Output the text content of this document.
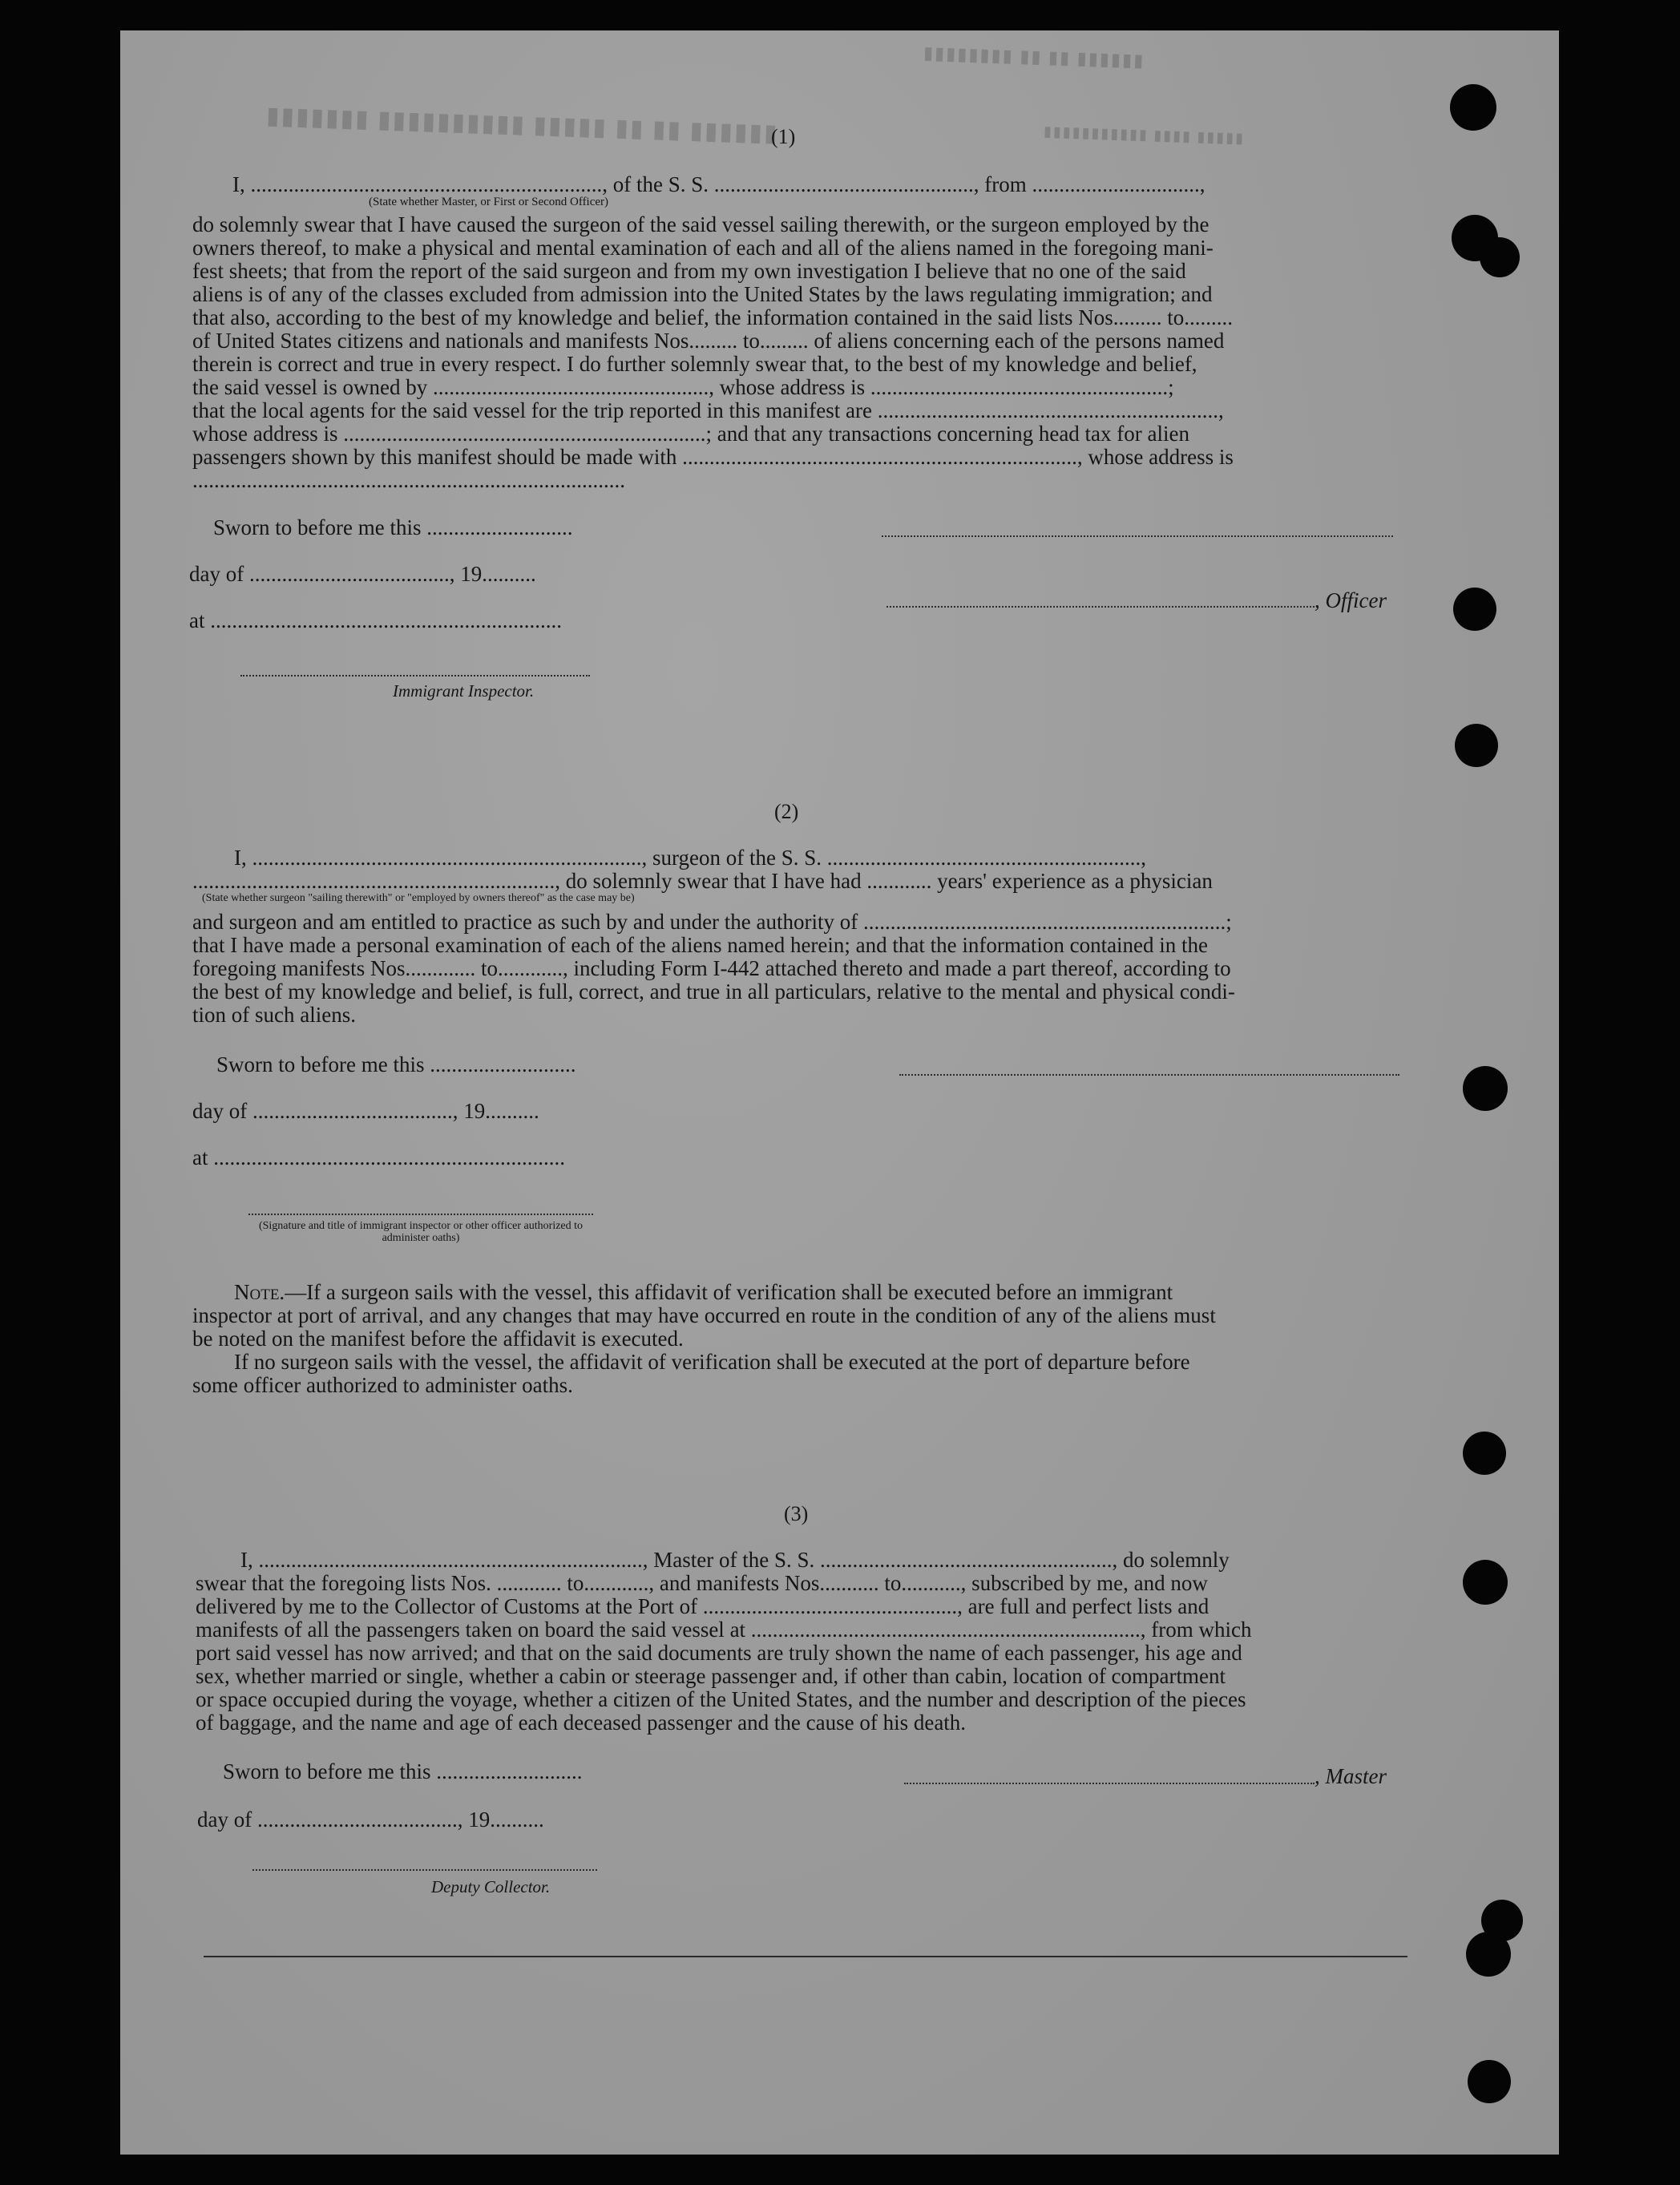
▮▮▮▮▮▮ ▮▮ ▮▮ ▮▮▮▮▮ ▮▮▮▮▮▮▮▮▮▮ ▮▮▮▮▮▮▮
▮▮▮▮▮▮ ▮▮ ▮▮ ▮▮▮▮▮▮▮▮
▮▮▮▮▮ ▮▮▮▮ ▮▮▮▮▮▮▮▮▮▮▮
(1)
I, ................................................................., of the S. S. ................................................, from ...............................,
(State whether Master, or First or Second Officer)
do solemnly swear that I have caused the surgeon of the said vessel sailing therewith, or the surgeon employed by the
owners thereof, to make a physical and mental examination of each and all of the aliens named in the foregoing mani-
fest sheets; that from the report of the said surgeon and from my own investigation I believe that no one of the said
aliens is of any of the classes excluded from admission into the United States by the laws regulating immigration; and
that also, according to the best of my knowledge and belief, the information contained in the said lists Nos......... to.........
of United States citizens and nationals and manifests Nos......... to......... of aliens concerning each of the persons named
therein is correct and true in every respect. I do further solemnly swear that, to the best of my knowledge and belief,
the said vessel is owned by ..................................................., whose address is .......................................................;
that the local agents for the said vessel for the trip reported in this manifest are ...............................................................,
whose address is ...................................................................; and that any transactions concerning head tax for alien
passengers shown by this manifest should be made with ........................................................................., whose address is
................................................................................
Sworn to before me this ...........................
day of ....................................., 19..........
, Officer
at .................................................................
Immigrant Inspector.
(2)
I, ........................................................................, surgeon of the S. S. ..........................................................,
..................................................................., do solemnly swear that I have had ............ years' experience as a physician
(State whether surgeon "sailing therewith" or "employed by owners thereof" as the case may be)
and surgeon and am entitled to practice as such by and under the authority of ...................................................................;
that I have made a personal examination of each of the aliens named herein; and that the information contained in the
foregoing manifests Nos............. to............, including Form I-442 attached thereto and made a part thereof, according to
the best of my knowledge and belief, is full, correct, and true in all particulars, relative to the mental and physical condi-
tion of such aliens.
Sworn to before me this ...........................
day of ....................................., 19..........
at .................................................................
(Signature and title of immigrant inspector or other officer authorized to administer oaths)
Note.—If a surgeon sails with the vessel, this affidavit of verification shall be executed before an immigrant
inspector at port of arrival, and any changes that may have occurred en route in the condition of any of the aliens must
be noted on the manifest before the affidavit is executed.
If no surgeon sails with the vessel, the affidavit of verification shall be executed at the port of departure before
some officer authorized to administer oaths.
(3)
I, ......................................................................., Master of the S. S. ......................................................, do solemnly
swear that the foregoing lists Nos. ............ to............, and manifests Nos........... to..........., subscribed by me, and now
delivered by me to the Collector of Customs at the Port of ..............................................., are full and perfect lists and
manifests of all the passengers taken on board the said vessel at ........................................................................, from which
port said vessel has now arrived; and that on the said documents are truly shown the name of each passenger, his age and
sex, whether married or single, whether a cabin or steerage passenger and, if other than cabin, location of compartment
or space occupied during the voyage, whether a citizen of the United States, and the number and description of the pieces
of baggage, and the name and age of each deceased passenger and the cause of his death.
Sworn to before me this ...........................	, Master
day of ....................................., 19..........
Deputy Collector.
